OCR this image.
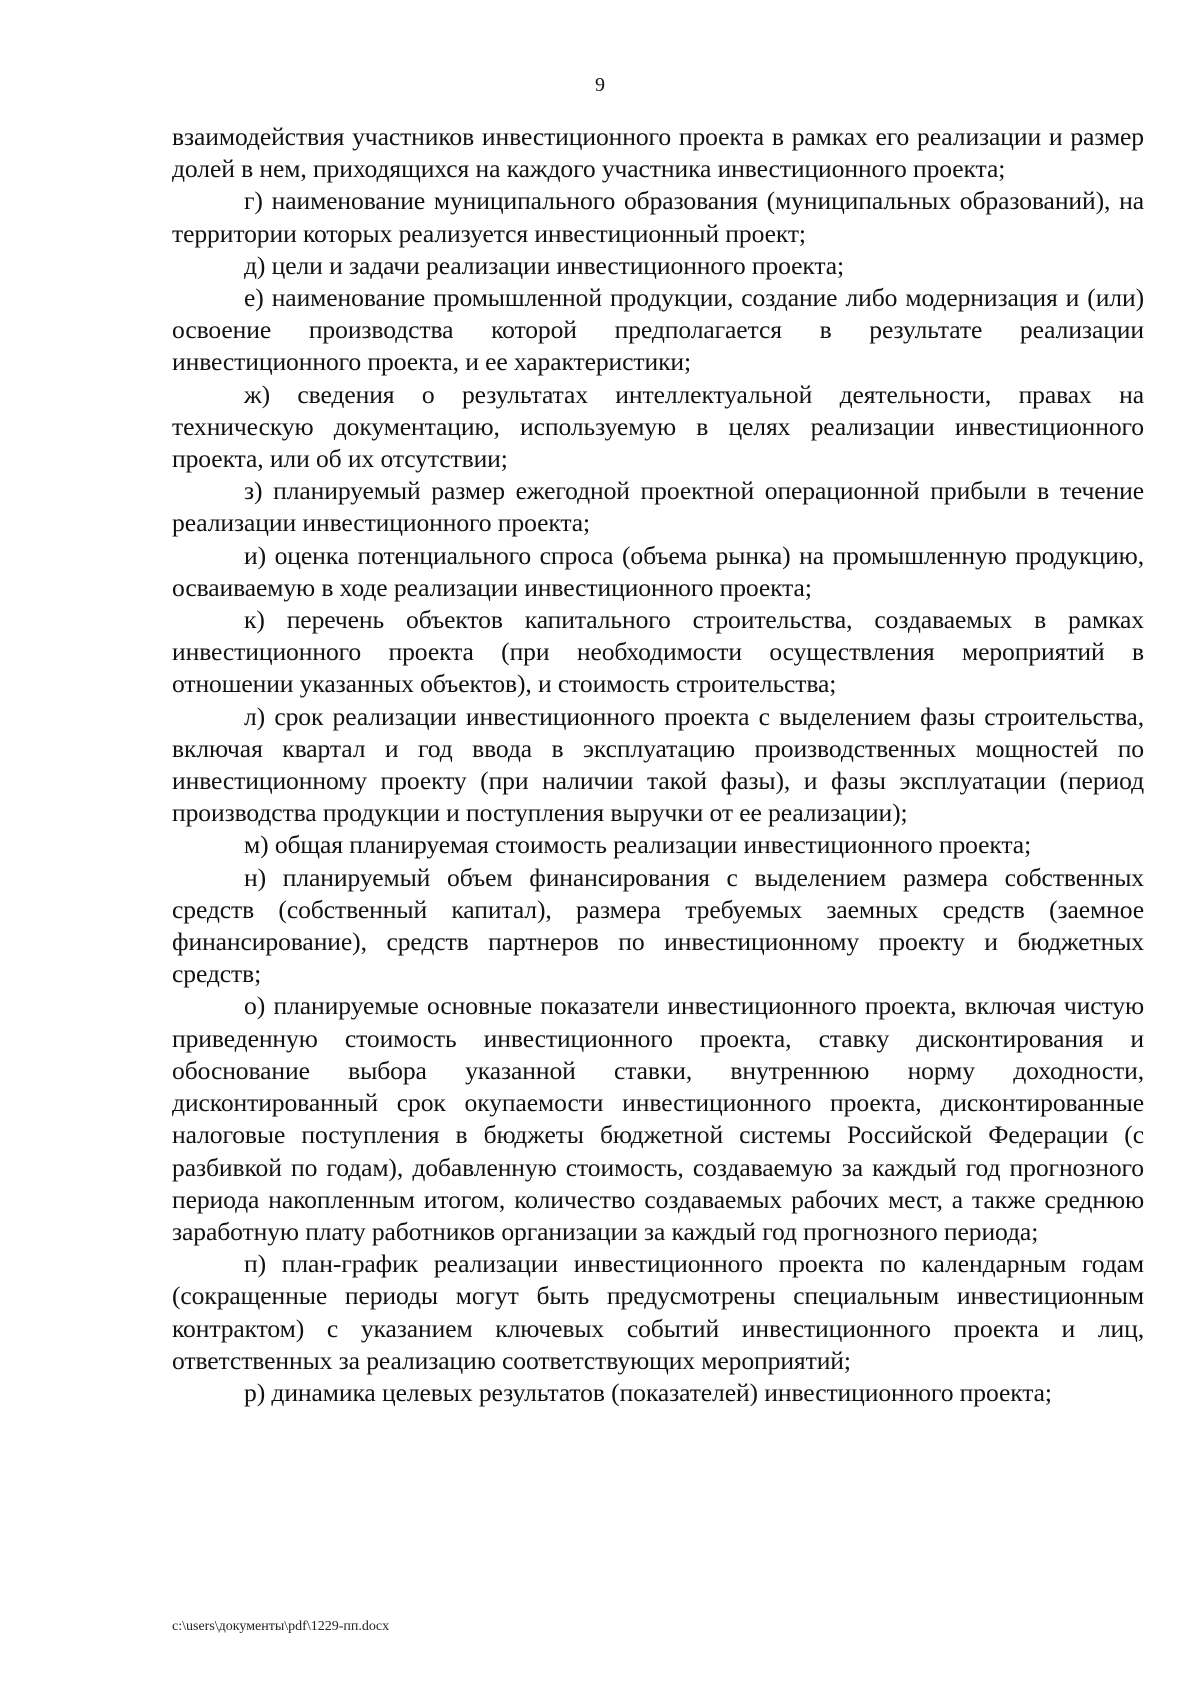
9

взаимодействия участников инвестиционного проекта в рамках его реализации и размер долей в нем, приходящихся на каждого участника инвестиционного проекта;

г) наименование муниципального образования (муниципальных образований), на территории которых реализуется инвестиционный проект;

д) цели и задачи реализации инвестиционного проекта;

е) наименование промышленной продукции, создание либо модернизация и (или) освоение производства которой предполагается в результате реализации инвестиционного проекта, и ее характеристики;

ж) сведения о результатах интеллектуальной деятельности, правах на техническую документацию, используемую в целях реализации инвестиционного проекта, или об их отсутствии;

з) планируемый размер ежегодной проектной операционной прибыли в течение реализации инвестиционного проекта;

и) оценка потенциального спроса (объема рынка) на промышленную продукцию, осваиваемую в ходе реализации инвестиционного проекта;

к) перечень объектов капитального строительства, создаваемых в рамках инвестиционного проекта (при необходимости осуществления мероприятий в отношении указанных объектов), и стоимость строительства;

л) срок реализации инвестиционного проекта с выделением фазы строительства, включая квартал и год ввода в эксплуатацию производственных мощностей по инвестиционному проекту (при наличии такой фазы), и фазы эксплуатации (период производства продукции и поступления выручки от ее реализации);

м) общая планируемая стоимость реализации инвестиционного проекта;

н) планируемый объем финансирования с выделением размера собственных средств (собственный капитал), размера требуемых заемных средств (заемное финансирование), средств партнеров по инвестиционному проекту и бюджетных средств;

о) планируемые основные показатели инвестиционного проекта, включая чистую приведенную стоимость инвестиционного проекта, ставку дисконтирования и обоснование выбора указанной ставки, внутреннюю норму доходности, дисконтированный срок окупаемости инвестиционного проекта, дисконтированные налоговые поступления в бюджеты бюджетной системы Российской Федерации (с разбивкой по годам), добавленную стоимость, создаваемую за каждый год прогнозного периода накопленным итогом, количество создаваемых рабочих мест, а также среднюю заработную плату работников организации за каждый год прогнозного периода;

п) план-график реализации инвестиционного проекта по календарным годам (сокращенные периоды могут быть предусмотрены специальным инвестиционным контрактом) с указанием ключевых событий инвестиционного проекта и лиц, ответственных за реализацию соответствующих мероприятий;

р) динамика целевых результатов (показателей) инвестиционного проекта;

c:\users\документы\pdf\1229-пп.docx
